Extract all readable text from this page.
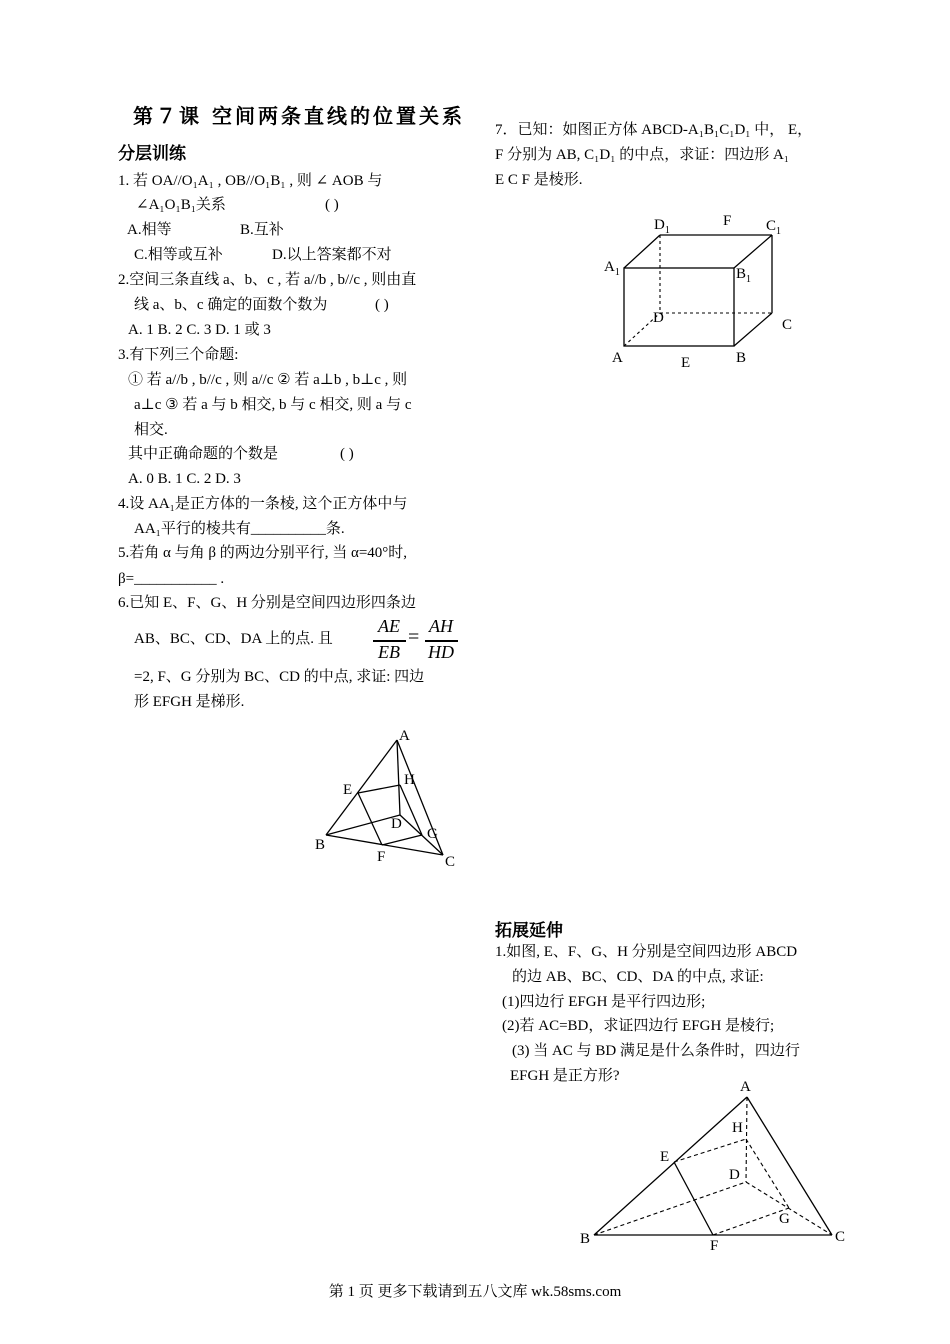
第７课 空间两条直线的位置关系
分层训练
1. 若 OA//O₁A₁ , OB//O₁B₁ , 则 ∠ AOB 与
∠A₁O₁B₁关系	( )
A.相等	B.互补
C.相等或互补	D.以上答案都不对
2.空间三条直线 a、b、c , 若 a//b , b//c , 则由直
线 a、b、c 确定的面数个数为	( )
A. 1 B. 2 C. 3 D. 1 或 3
3.有下列三个命题:
① 若 a//b , b//c , 则 a//c ② 若 a⊥b , b⊥c , 则
a⊥c ③ 若 a 与 b 相交, b 与 c 相交, 则 a 与 c
相交.
其中正确命题的个数是	( )
A. 0 B. 1 C. 2 D. 3
4.设 AA₁是正方体的一条棱, 这个正方体中与
AA₁平行的棱共有__________条.
5.若角 α 与角 β 的两边分别平行, 当 α=40°时,
β=___________ .
6.已知 E、F、G、H 分别是空间四边形四条边
AB、BC、CD、DA 上的点. 且
AE
EB
= AH
HD
=2, F、G 分别为 BC、CD 的中点, 求证: 四边
形 EFGH 是梯形.
A
H
E
D
G
B
F	C
7．已知：如图正方体 ABCD-A₁B₁C₁D₁ 中， E，
F 分别为 AB, C₁D₁ 的中点，求证：四边形 A₁
E C F 是棱形.
$D_1$
F $C_1$
$A_1$	$B_1$
D	C
A	E	B
拓展延伸
1.如图, E、F、G、H 分别是空间四边形 ABCD
的边 AB、BC、CD、DA 的中点, 求证:
(1)四边行 EFGH 是平行四边形;
(2)若 AC=BD，求证四边行 EFGH 是棱行;
(3) 当 AC 与 BD 满足是什么条件时，四边行
EFGH 是正方形?
A
H
E
D
G
B	F
C
第 1 页 更多下载请到五八文库 wk.58sms.com
